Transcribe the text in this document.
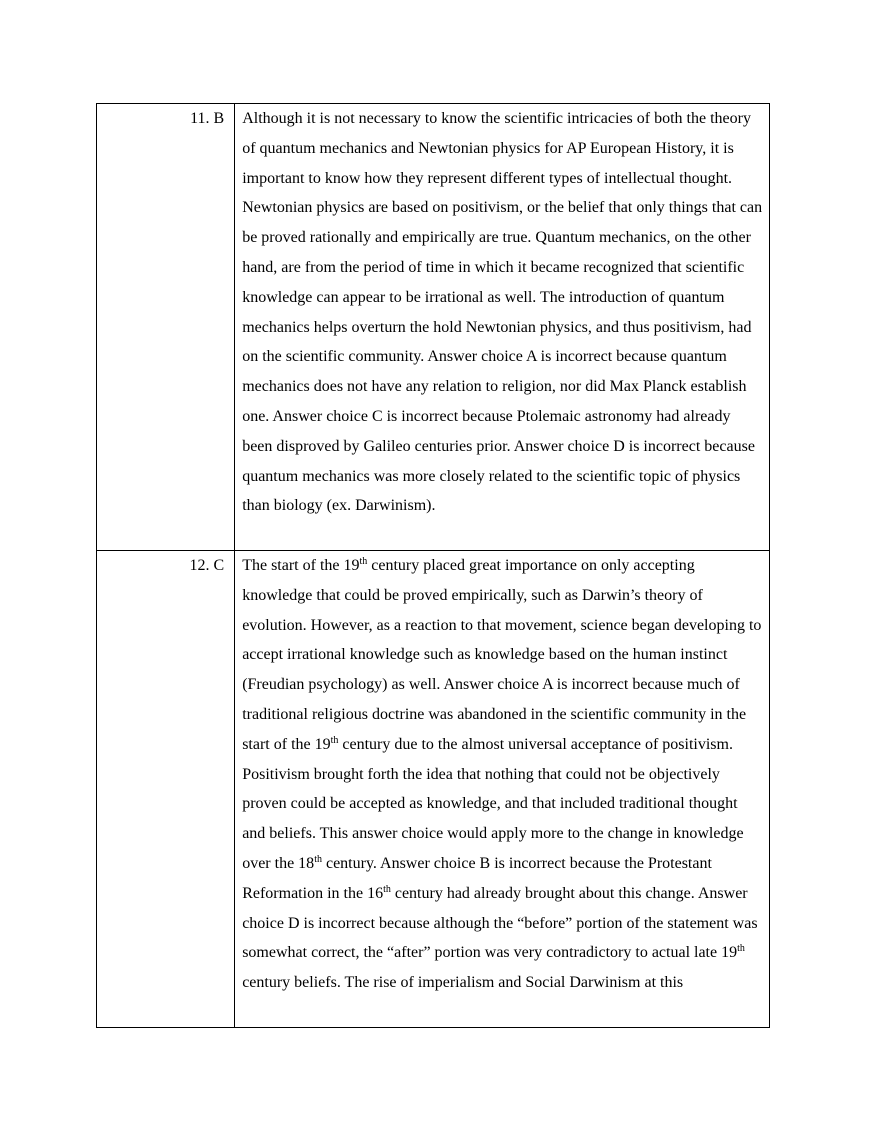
11. B	Although it is not necessary to know the scientific intricacies of both the theory of quantum mechanics and Newtonian physics for AP European History, it is important to know how they represent different types of intellectual thought. Newtonian physics are based on positivism, or the belief that only things that can be proved rationally and empirically are true. Quantum mechanics, on the other hand, are from the period of time in which it became recognized that scientific knowledge can appear to be irrational as well. The introduction of quantum mechanics helps overturn the hold Newtonian physics, and thus positivism, had on the scientific community. Answer choice A is incorrect because quantum mechanics does not have any relation to religion, nor did Max Planck establish one. Answer choice C is incorrect because Ptolemaic astronomy had already been disproved by Galileo centuries prior. Answer choice D is incorrect because quantum mechanics was more closely related to the scientific topic of physics than biology (ex. Darwinism).
12. C	The start of the 19th century placed great importance on only accepting knowledge that could be proved empirically, such as Darwin’s theory of evolution. However, as a reaction to that movement, science began developing to accept irrational knowledge such as knowledge based on the human instinct (Freudian psychology) as well. Answer choice A is incorrect because much of traditional religious doctrine was abandoned in the scientific community in the start of the 19th century due to the almost universal acceptance of positivism. Positivism brought forth the idea that nothing that could not be objectively proven could be accepted as knowledge, and that included traditional thought and beliefs. This answer choice would apply more to the change in knowledge over the 18th century. Answer choice B is incorrect because the Protestant Reformation in the 16th century had already brought about this change. Answer choice D is incorrect because although the “before” portion of the statement was somewhat correct, the “after” portion was very contradictory to actual late 19th century beliefs. The rise of imperialism and Social Darwinism at this
